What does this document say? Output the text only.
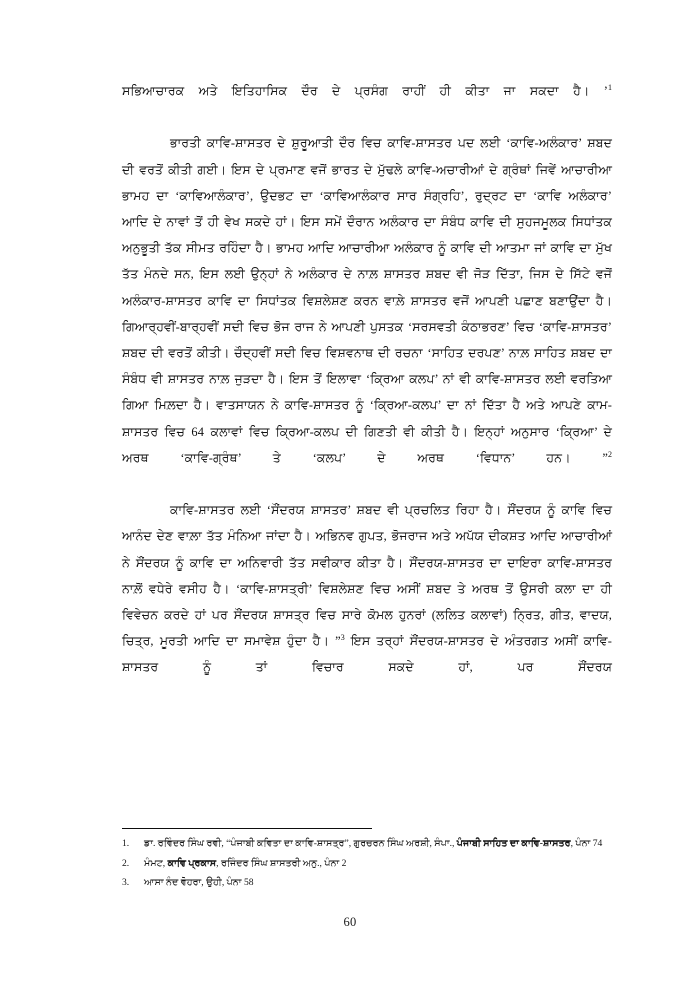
ਸਭਿਆਚਾਰਕ ਅਤੇ ਇਤਿਹਾਸਿਕ ਦੌਰ ਦੇ ਪ੍ਰਸੰਗ ਰਾਹੀਂ ਹੀ ਕੀਤਾ ਜਾ ਸਕਦਾ ਹੈ। ’$^1$

ਭਾਰਤੀ ਕਾਵਿ-ਸ਼ਾਸਤਰ ਦੇ ਸ਼ੁਰੂਆਤੀ ਦੌਰ ਵਿਚ ਕਾਵਿ-ਸ਼ਾਸਤਰ ਪਦ ਲਈ ‘ਕਾਵਿ-ਅਲੰਕਾਰ’ ਸ਼ਬਦ ਦੀ ਵਰਤੋਂ ਕੀਤੀ ਗਈ। ਇਸ ਦੇ ਪ੍ਰਮਾਣ ਵਜੋਂ ਭਾਰਤ ਦੇ ਮੁੱਢਲੇ ਕਾਵਿ-ਅਚਾਰੀਆਂ ਦੇ ਗ੍ਰੰਥਾਂ ਜਿਵੇਂ ਆਚਾਰੀਆ ਭਾਮਹ ਦਾ ‘ਕਾਵਿਆਲੰਕਾਰ’, ਉਦਭਟ ਦਾ ‘ਕਾਵਿਆਲੰਕਾਰ ਸਾਰ ਸੰਗ੍ਰਹਿ’, ਰੁਦ੍ਰਟ ਦਾ ‘ਕਾਵਿ ਅਲੰਕਾਰ’ ਆਦਿ ਦੇ ਨਾਵਾਂ ਤੋਂ ਹੀ ਵੇਖ ਸਕਦੇ ਹਾਂ। ਇਸ ਸਮੇਂ ਦੌਰਾਨ ਅਲੰਕਾਰ ਦਾ ਸੰਬੰਧ ਕਾਵਿ ਦੀ ਸੁਹਜਮੂਲਕ ਸਿਧਾਂਤਕ ਅਨੁਭੂਤੀ ਤੱਕ ਸੀਮਤ ਰਹਿੰਦਾ ਹੈ। ਭਾਮਹ ਆਦਿ ਆਚਾਰੀਆ ਅਲੰਕਾਰ ਨੂੰ ਕਾਵਿ ਦੀ ਆਤਮਾ ਜਾਂ ਕਾਵਿ ਦਾ ਮੁੱਖ ਤੱਤ ਮੰਨਦੇ ਸਨ, ਇਸ ਲਈ ਉਨ੍ਹਾਂ ਨੇ ਅਲੰਕਾਰ ਦੇ ਨਾਲ਼ ਸ਼ਾਸਤਰ ਸ਼ਬਦ ਵੀ ਜੋੜ ਦਿੱਤਾ, ਜਿਸ ਦੇ ਸਿੱਟੇ ਵਜੋਂ ਅਲੰਕਾਰ-ਸ਼ਾਸਤਰ ਕਾਵਿ ਦਾ ਸਿਧਾਂਤਕ ਵਿਸ਼ਲੇਸ਼ਣ ਕਰਨ ਵਾਲ਼ੇ ਸ਼ਾਸਤਰ ਵਜੋਂ ਆਪਣੀ ਪਛਾਣ ਬਣਾਉਂਦਾ ਹੈ। ਗਿਆਰ੍ਹਵੀਂ-ਬਾਰ੍ਹਵੀਂ ਸਦੀ ਵਿਚ ਭੋਜ ਰਾਜ ਨੇ ਆਪਣੀ ਪੁਸਤਕ ‘ਸਰਸਵਤੀ ਕੰਠਾਭਰਣ’ ਵਿਚ ‘ਕਾਵਿ-ਸ਼ਾਸਤਰ’ ਸ਼ਬਦ ਦੀ ਵਰਤੋਂ ਕੀਤੀ। ਚੌਦ੍ਹਵੀਂ ਸਦੀ ਵਿਚ ਵਿਸ਼ਵਨਾਥ ਦੀ ਰਚਨਾ ‘ਸਾਹਿਤ ਦਰਪਣ’ ਨਾਲ਼ ਸਾਹਿਤ ਸ਼ਬਦ ਦਾ ਸੰਬੰਧ ਵੀ ਸ਼ਾਸਤਰ ਨਾਲ਼ ਜੁੜਦਾ ਹੈ। ਇਸ ਤੋਂ ਇਲਾਵਾ ‘ਕ੍ਰਿਆ ਕਲਪ’ ਨਾਂ ਵੀ ਕਾਵਿ-ਸ਼ਾਸਤਰ ਲਈ ਵਰਤਿਆ ਗਿਆ ਮਿਲ਼ਦਾ ਹੈ। ਵਾਤਸਾਯਨ ਨੇ ਕਾਵਿ-ਸ਼ਾਸਤਰ ਨੂੰ ‘ਕ੍ਰਿਆ-ਕਲਪ’ ਦਾ ਨਾਂ ਦਿੱਤਾ ਹੈ ਅਤੇ ਆਪਣੇ ਕਾਮ-ਸ਼ਾਸਤਰ ਵਿਚ 64 ਕਲਾਵਾਂ ਵਿਚ ਕ੍ਰਿਆ-ਕਲਪ ਦੀ ਗਿਣਤੀ ਵੀ ਕੀਤੀ ਹੈ। ਇਨ੍ਹਾਂ ਅਨੁਸਾਰ ‘ਕ੍ਰਿਆ’ ਦੇ ਅਰਥ ‘ਕਾਵਿ-ਗ੍ਰੰਥ’ ਤੇ ‘ਕਲਪ’ ਦੇ ਅਰਥ ‘ਵਿਧਾਨ’ ਹਨ। ”$^2$

ਕਾਵਿ-ਸ਼ਾਸਤਰ ਲਈ ‘ਸੌਂਦਰਯ ਸ਼ਾਸਤਰ’ ਸ਼ਬਦ ਵੀ ਪ੍ਰਚਲਿਤ ਰਿਹਾ ਹੈ। ਸੌਂਦਰਯ ਨੂੰ ਕਾਵਿ ਵਿਚ ਆਨੰਦ ਦੇਣ ਵਾਲ਼ਾ ਤੱਤ ਮੰਨਿਆ ਜਾਂਦਾ ਹੈ। ਅਭਿਨਵ ਗੁਪਤ, ਭੋਜਰਾਜ ਅਤੇ ਅਪੱਯ ਦੀਕਸ਼ਤ ਆਦਿ ਆਚਾਰੀਆਂ ਨੇ ਸੌਂਦਰਯ ਨੂੰ ਕਾਵਿ ਦਾ ਅਨਿਵਾਰੀ ਤੱਤ ਸਵੀਕਾਰ ਕੀਤਾ ਹੈ। ਸੌਂਦਰਯ-ਸ਼ਾਸਤਰ ਦਾ ਦਾਇਰਾ ਕਾਵਿ-ਸ਼ਾਸਤਰ ਨਾਲ਼ੋਂ ਵਧੇਰੇ ਵਸੀਹ ਹੈ। ‘ਕਾਵਿ-ਸ਼ਾਸਤ੍ਰੀ’ ਵਿਸ਼ਲੇਸ਼ਣ ਵਿਚ ਅਸੀਂ ਸ਼ਬਦ ਤੇ ਅਰਥ ਤੋਂ ਉਸਰੀ ਕਲਾ ਦਾ ਹੀ ਵਿਵੇਚਨ ਕਰਦੇ ਹਾਂ ਪਰ ਸੌਂਦਰਯ ਸ਼ਾਸਤ੍ਰ ਵਿਚ ਸਾਰੇ ਕੋਮਲ ਹੁਨਰਾਂ (ਲਲਿਤ ਕਲਾਵਾਂ) ਨ੍ਰਿਤ, ਗੀਤ, ਵਾਦਯ, ਚਿਤ੍ਰ, ਮੂਰਤੀ ਆਦਿ ਦਾ ਸਮਾਵੇਸ਼ ਹੁੰਦਾ ਹੈ। ”$^3$ ਇਸ ਤਰ੍ਹਾਂ ਸੌਂਦਰਯ-ਸ਼ਾਸਤਰ ਦੇ ਅੰਤਰਗਤ ਅਸੀਂ ਕਾਵਿ-ਸ਼ਾਸਤਰ ਨੂੰ ਤਾਂ ਵਿਚਾਰ ਸਕਦੇ ਹਾਂ, ਪਰ ਸੌਂਦਰਯ

1.	ਡਾ. ਰਵਿੰਦਰ ਸਿੰਘ ਰਵੀ, “ਪੰਜਾਬੀ ਕਵਿਤਾ ਦਾ ਕਾਵਿ-ਸ਼ਾਸਤ੍ਰ”, ਗੁਰਚਰਨ ਸਿੰਘ ਅਰਸ਼ੀ, ਸੰਪਾ., ਪੰਜਾਬੀ ਸਾਹਿਤ ਦਾ ਕਾਵਿ-ਸ਼ਾਸਤਰ, ਪੰਨਾ 74
2.	ਮੰਮਟ, ਕਾਵਿ ਪ੍ਰਕਾਸ, ਰਜਿੰਦਰ ਸਿੰਘ ਸ਼ਾਸਤਰੀ ਅਨੁ., ਪੰਨਾ 2
3.	ਆਸਾ ਨੰਦ ਵੋਹਰਾ, ਉਹੀ, ਪੰਨਾ 58
60
